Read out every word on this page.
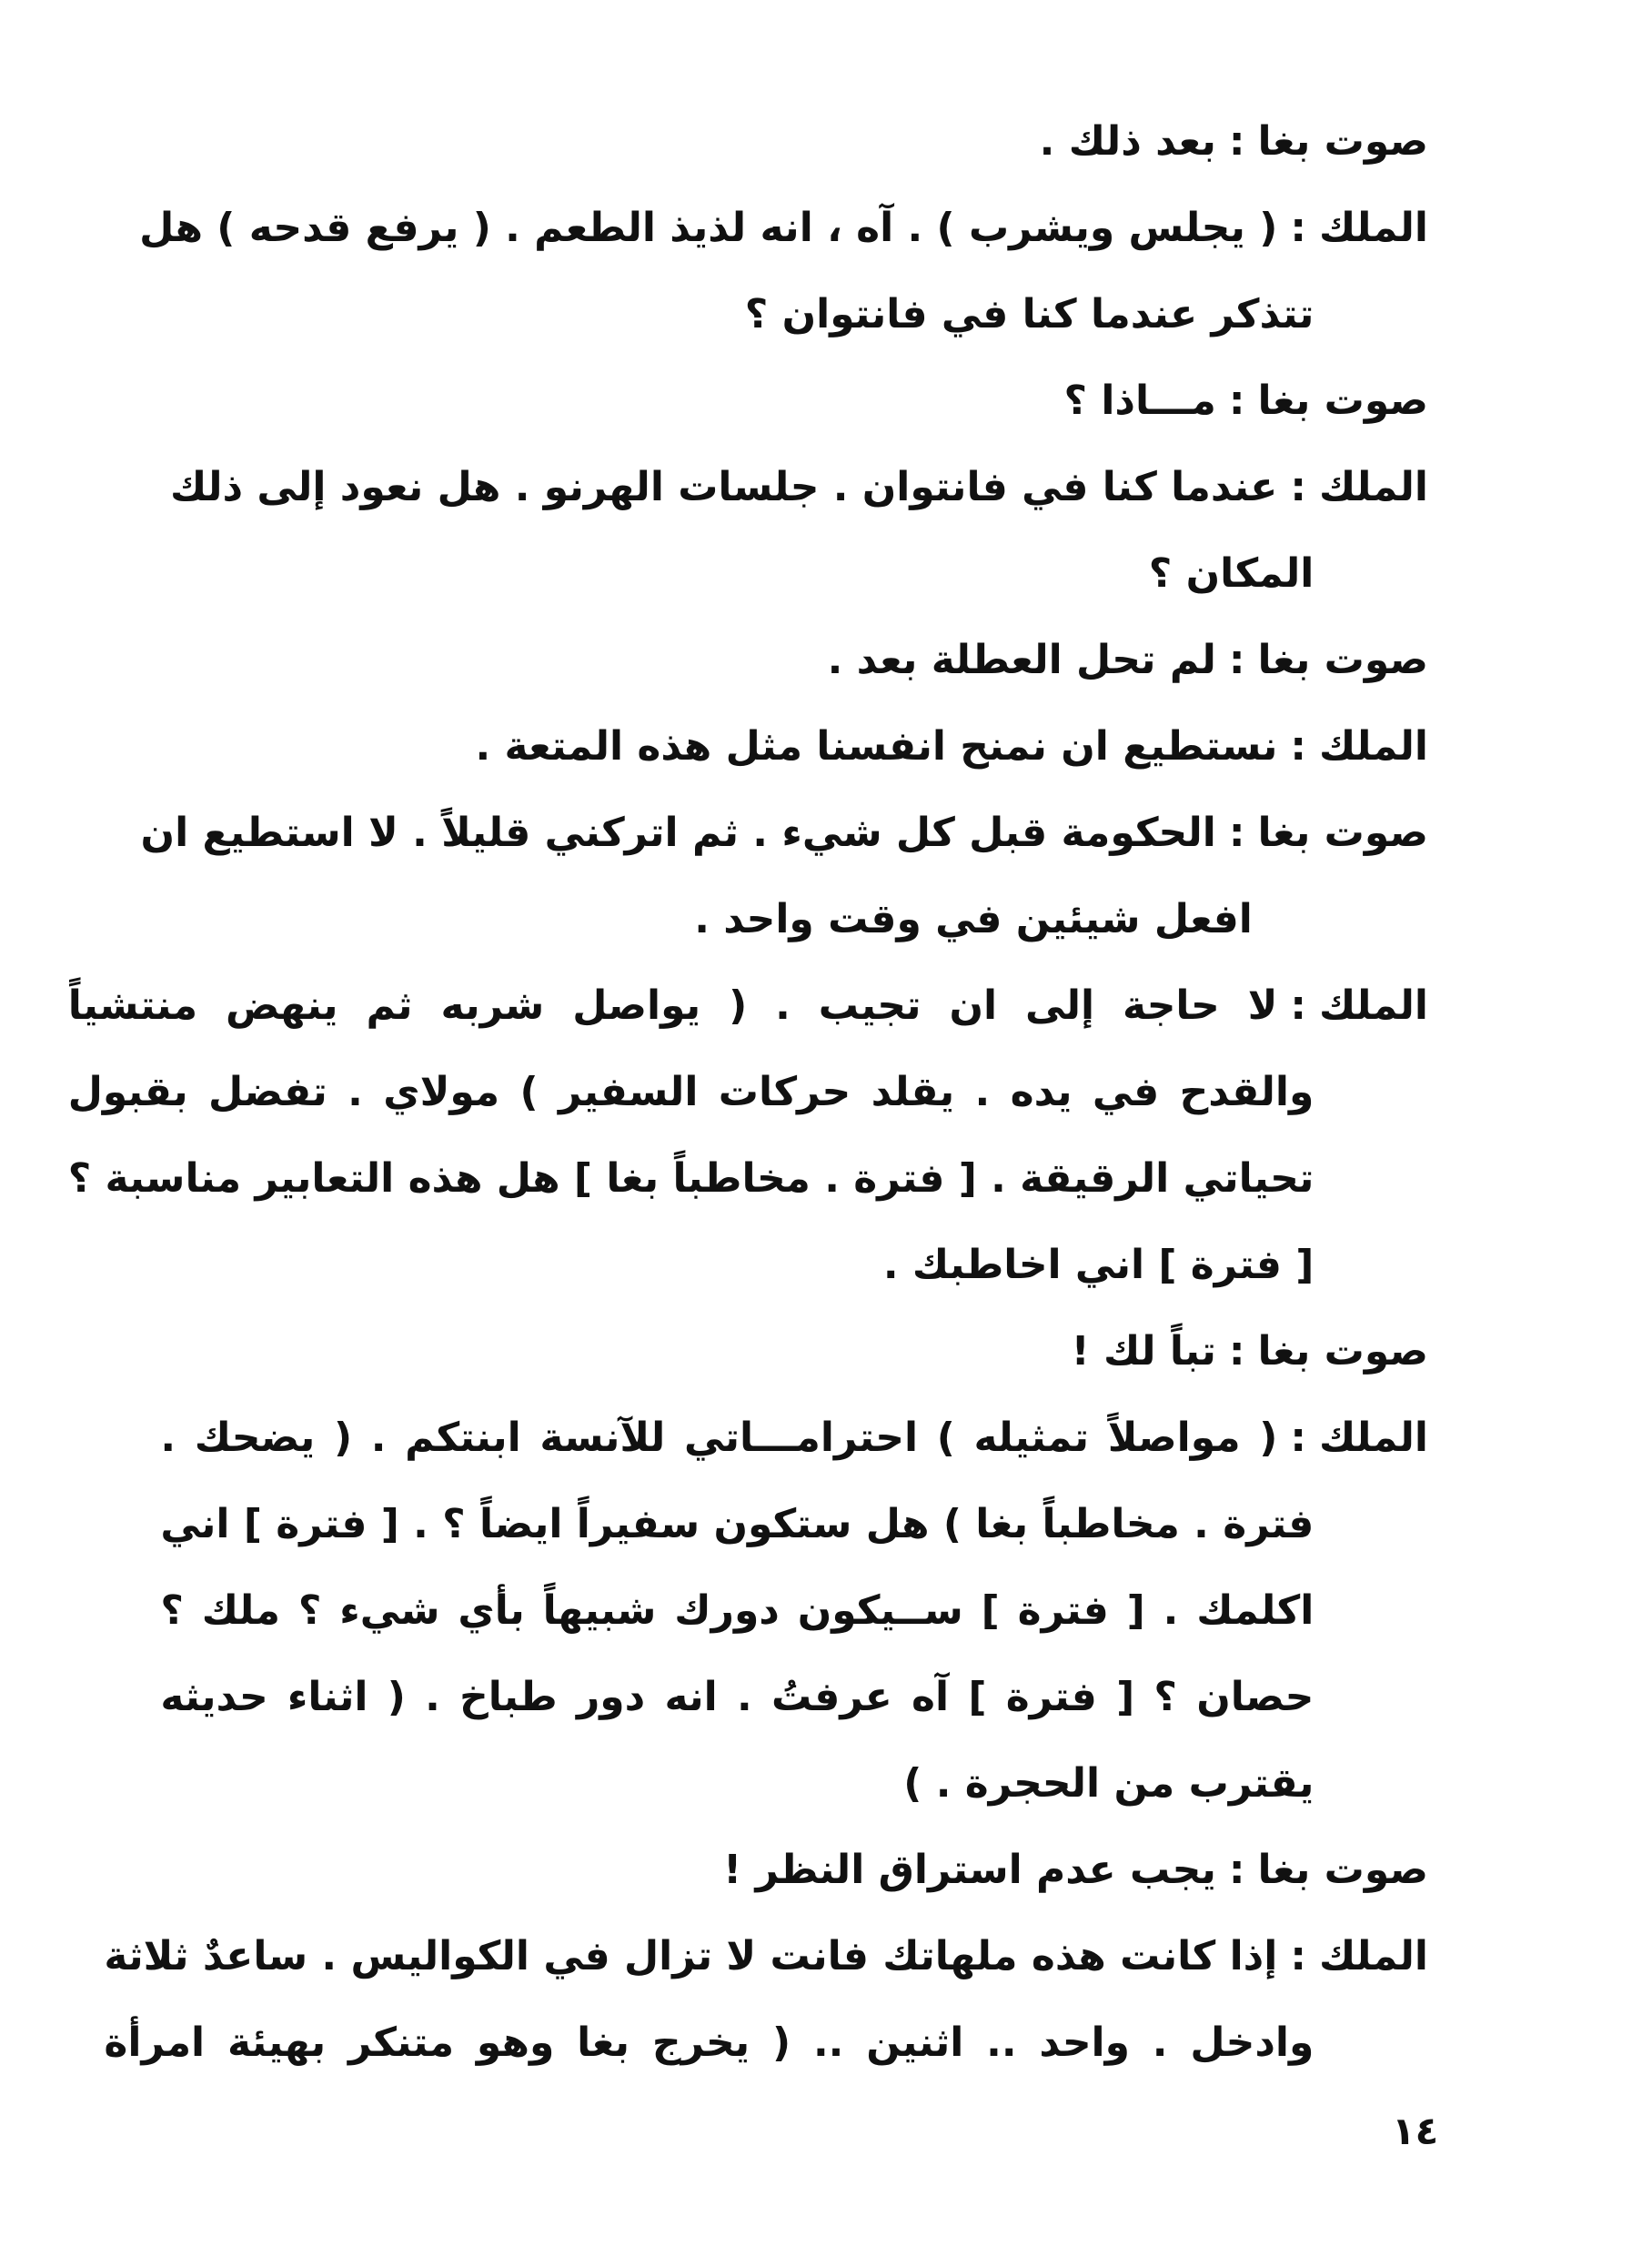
صوت بغا
:
بعد ذلك .
الملك
:
( يجلس ويشرب ) . آه ، انه لذيذ الطعم . ( يرفع قدحه ) هل
تتذكر عندما كنا في فانتوان ؟
صوت بغا
:
مـــاذا ؟
الملك
:
عندما كنا في فانتوان . جلسات الهرنو . هل نعود إلى ذلك
المكان ؟
صوت بغا
:
لم تحل العطلة بعد .
الملك
:
نستطيع ان نمنح انفسنا مثل هذه المتعة .
صوت بغا
:
الحكومة قبل كل شيء . ثم اتركني قليلاً . لا استطيع ان
افعل شيئين في وقت واحد .
الملك
:
لا حاجة إلى ان تجيب . ( يواصل شربه ثم ينهض منتشياً
والقدح في يده . يقلد حركات السفير ) مولاي . تفضل بقبول
تحياتي الرقيقة . [ فترة . مخاطباً بغا ] هل هذه التعابير مناسبة ؟
[ فترة ] اني اخاطبك .
صوت بغا
:
تباً لك !
الملك
:
( مواصلاً تمثيله ) احترامـــاتي للآنسة ابنتكم . ( يضحك .
فترة . مخاطباً بغا ) هل ستكون سفيراً ايضاً ؟ . [ فترة ] اني
اكلمك . [ فترة ] ســيكون دورك شبيهاً بأي شيء ؟ ملك ؟
حصان ؟ [ فترة ] آه عرفتُ . انه دور طباخ . ( اثناء حديثه
يقترب من الحجرة . )
صوت بغا
:
يجب عدم استراق النظر !
الملك
:
إذا كانت هذه ملهاتك فانت لا تزال في الكواليس . ساعدٌ ثلاثة
وادخل . واحد .. اثنين .. ( يخرج بغا وهو متنكر بهيئة امرأة
١٤
